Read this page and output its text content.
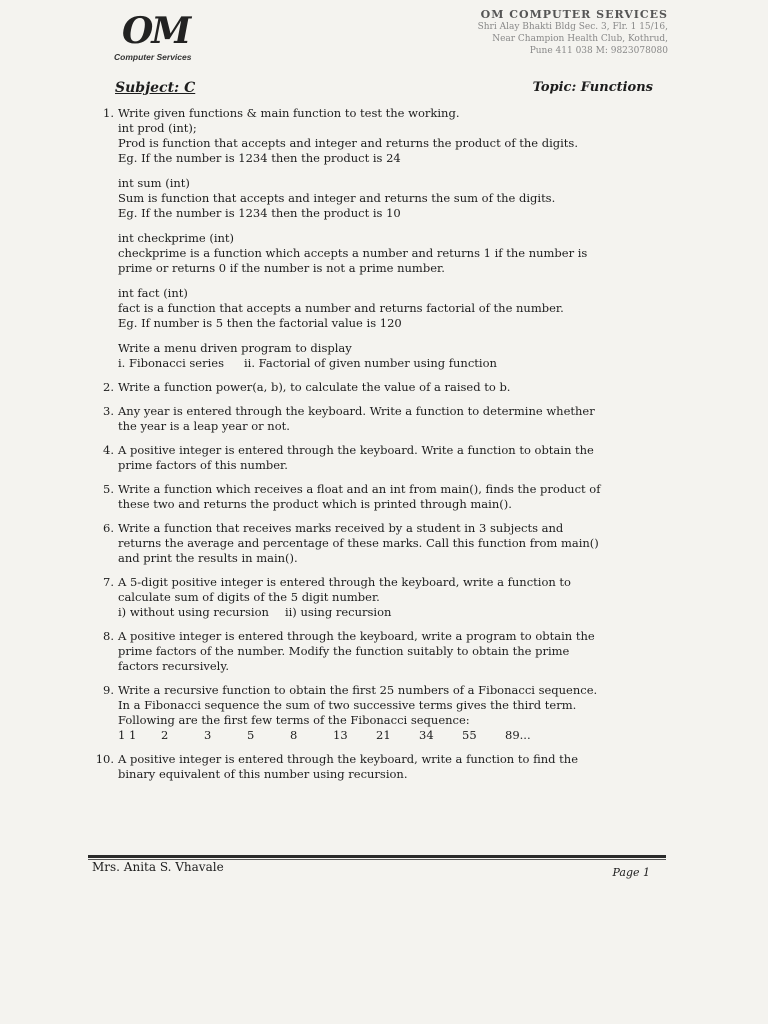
OM
Computer Services
OM COMPUTER SERVICES
Shri Alay Bhakti Bldg Sec. 3, Flr. 1 15/16,
Near Champion Health Club, Kothrud,
Pune 411 038 M: 9823078080
Subject: C	Topic: Functions
1. Write given functions & main function to test the working.
int prod (int);
Prod is function that accepts and integer and returns the product of the digits.
Eg. If the number is 1234 then the product is 24
int sum (int)
Sum is function that accepts and integer and returns the sum of the digits.
Eg. If the number is 1234 then the product is 10
int checkprime (int)
checkprime is a function which accepts a number and returns 1 if the number is
prime or returns 0 if the number is not a prime number.
int fact (int)
fact is a function that accepts a number and returns factorial of the number.
Eg. If number is 5 then the factorial value is 120
Write a menu driven program to display
i. Fibonacci series ii. Factorial of given number using function
2. Write a function power(a, b), to calculate the value of a raised to b.
3. Any year is entered through the keyboard. Write a function to determine whether
the year is a leap year or not.
4. A positive integer is entered through the keyboard. Write a function to obtain the
prime factors of this number.
5. Write a function which receives a float and an int from main(), finds the product of
these two and returns the product which is printed through main().
6. Write a function that receives marks received by a student in 3 subjects and
returns the average and percentage of these marks. Call this function from main()
and print the results in main().
7. A 5-digit positive integer is entered through the keyboard, write a function to
calculate sum of digits of the 5 digit number.
i) without using recursion ii) using recursion
8. A positive integer is entered through the keyboard, write a program to obtain the
prime factors of the number. Modify the function suitably to obtain the prime
factors recursively.
9. Write a recursive function to obtain the first 25 numbers of a Fibonacci sequence.
In a Fibonacci sequence the sum of two successive terms gives the third term.
Following are the first few terms of the Fibonacci sequence:
1 1	2	3	5	8	13	21	34	55	89...
10. A positive integer is entered through the keyboard, write a function to find the
binary equivalent of this number using recursion.
Mrs. Anita S. Vhavale	Page 1
